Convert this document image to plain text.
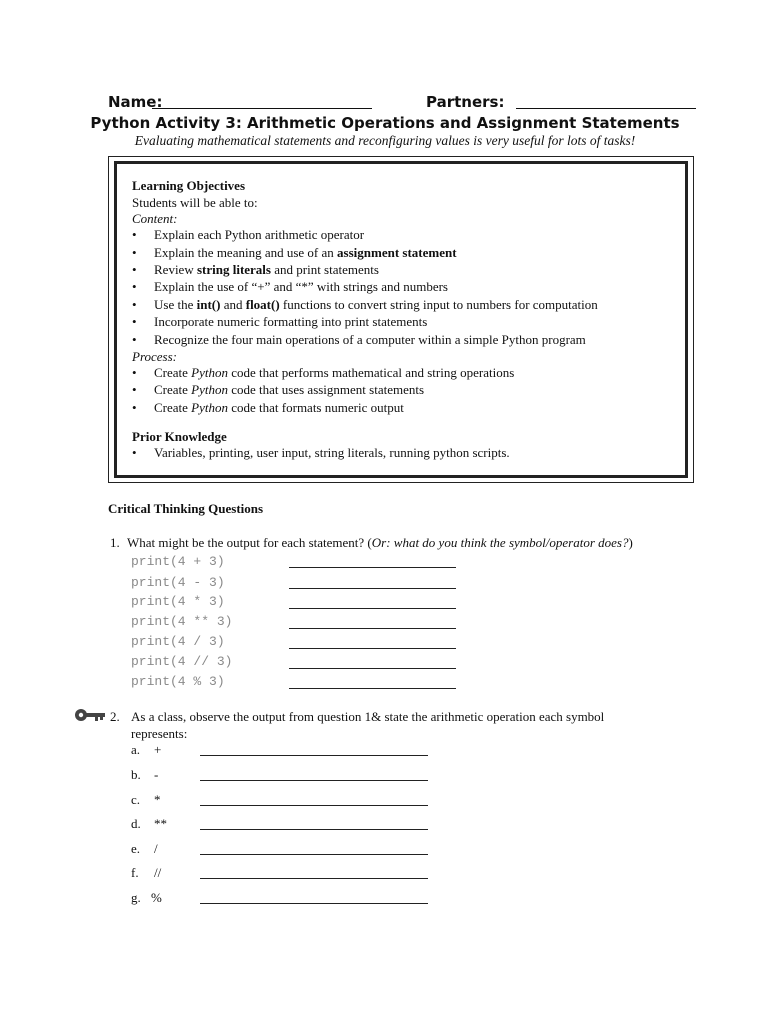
Name:	Partners:
Python Activity 3: Arithmetic Operations and Assignment Statements
Evaluating mathematical statements and reconfiguring values is very useful for lots of tasks!
Learning Objectives
Students will be able to:
Content:
• Explain each Python arithmetic operator
• Explain the meaning and use of an assignment statement
• Review string literals and print statements
• Explain the use of “+” and “*” with strings and numbers
• Use the int() and float() functions to convert string input to numbers for computation
• Incorporate numeric formatting into print statements
• Recognize the four main operations of a computer within a simple Python program
Process:
• Create Python code that performs mathematical and string operations
• Create Python code that uses assignment statements
• Create Python code that formats numeric output
Prior Knowledge
• Variables, printing, user input, string literals, running python scripts.
Critical Thinking Questions
1. What might be the output for each statement? (Or: what do you think the symbol/operator does?)
print(4 + 3)
print(4 - 3)
print(4 * 3)
print(4 ** 3)
print(4 / 3)
print(4 // 3)
print(4 % 3)
2. As a class, observe the output from question 1& state the arithmetic operation each symbol
represents:
a. +
b. -
c. *
d. **
e. /
f. //
g. %
